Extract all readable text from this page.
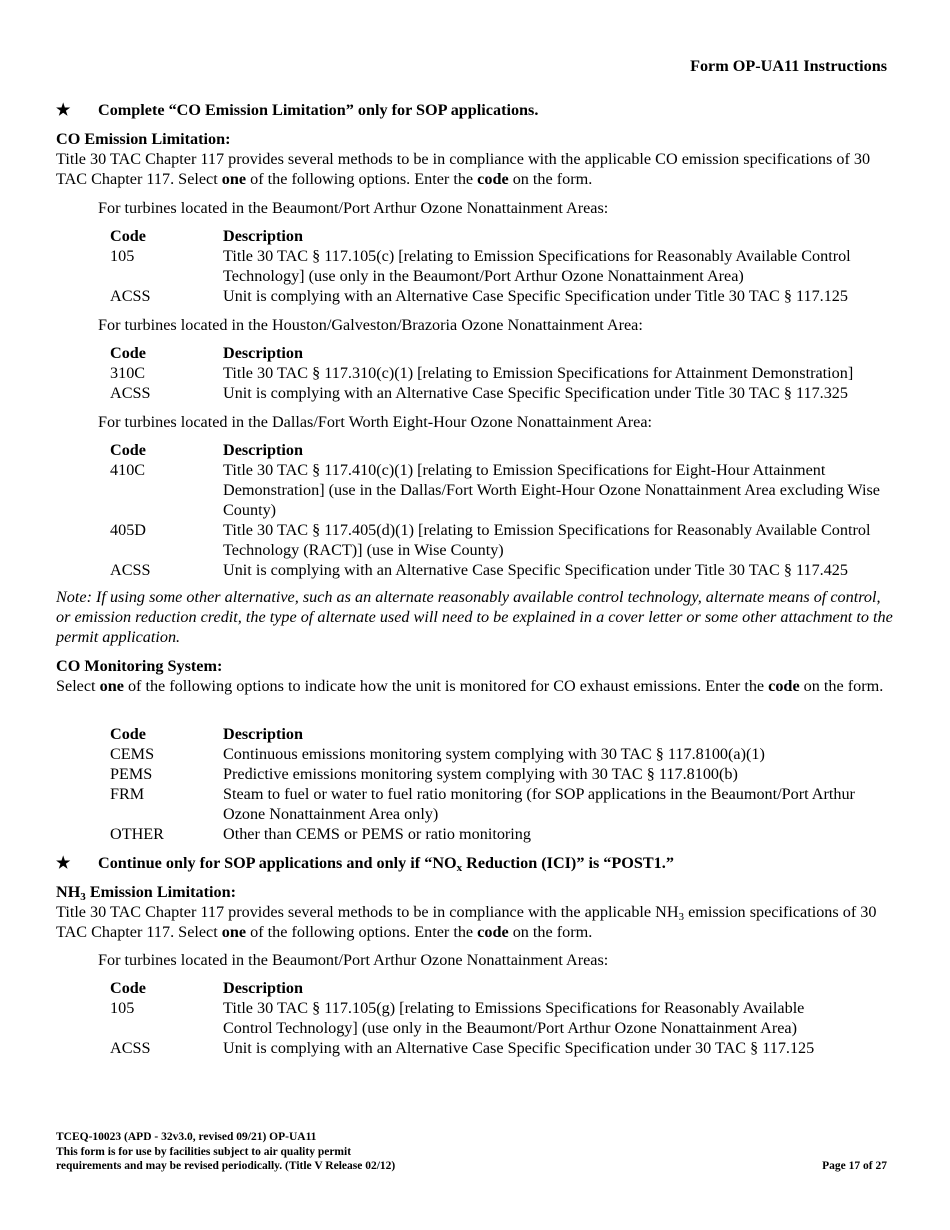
Form OP-UA11 Instructions
★ Complete “CO Emission Limitation” only for SOP applications.
CO Emission Limitation:
Title 30 TAC Chapter 117 provides several methods to be in compliance with the applicable CO emission specifications of 30 TAC Chapter 117. Select one of the following options. Enter the code on the form.
For turbines located in the Beaumont/Port Arthur Ozone Nonattainment Areas:
Code	Description
105	Title 30 TAC § 117.105(c) [relating to Emission Specifications for Reasonably Available Control Technology] (use only in the Beaumont/Port Arthur Ozone Nonattainment Area)
ACSS	Unit is complying with an Alternative Case Specific Specification under Title 30 TAC § 117.125
For turbines located in the Houston/Galveston/Brazoria Ozone Nonattainment Area:
Code	Description
310C	Title 30 TAC § 117.310(c)(1) [relating to Emission Specifications for Attainment Demonstration]
ACSS	Unit is complying with an Alternative Case Specific Specification under Title 30 TAC § 117.325
For turbines located in the Dallas/Fort Worth Eight-Hour Ozone Nonattainment Area:
Code	Description
410C	Title 30 TAC § 117.410(c)(1) [relating to Emission Specifications for Eight-Hour Attainment Demonstration] (use in the Dallas/Fort Worth Eight-Hour Ozone Nonattainment Area excluding Wise County)
405D	Title 30 TAC § 117.405(d)(1) [relating to Emission Specifications for Reasonably Available Control Technology (RACT)] (use in Wise County)
ACSS	Unit is complying with an Alternative Case Specific Specification under Title 30 TAC § 117.425
Note: If using some other alternative, such as an alternate reasonably available control technology, alternate means of control, or emission reduction credit, the type of alternate used will need to be explained in a cover letter or some other attachment to the permit application.
CO Monitoring System:
Select one of the following options to indicate how the unit is monitored for CO exhaust emissions. Enter the code on the form.
Code	Description
CEMS	Continuous emissions monitoring system complying with 30 TAC § 117.8100(a)(1)
PEMS	Predictive emissions monitoring system complying with 30 TAC § 117.8100(b)
FRM	Steam to fuel or water to fuel ratio monitoring (for SOP applications in the Beaumont/Port Arthur Ozone Nonattainment Area only)
OTHER	Other than CEMS or PEMS or ratio monitoring
★ Continue only for SOP applications and only if “$NO_x$ Reduction (ICI)” is “POST1.”
$NH_3$ Emission Limitation:
Title 30 TAC Chapter 117 provides several methods to be in compliance with the applicable $NH_3$ emission specifications of 30 TAC Chapter 117. Select one of the following options. Enter the code on the form.
For turbines located in the Beaumont/Port Arthur Ozone Nonattainment Areas:
Code	Description
105	Title 30 TAC § 117.105(g) [relating to Emissions Specifications for Reasonably Available Control Technology] (use only in the Beaumont/Port Arthur Ozone Nonattainment Area)
ACSS	Unit is complying with an Alternative Case Specific Specification under 30 TAC § 117.125
TCEQ-10023 (APD - 32v3.0, revised 09/21) OP-UA11
This form is for use by facilities subject to air quality permit
requirements and may be revised periodically. (Title V Release 02/12)	Page 17 of 27
